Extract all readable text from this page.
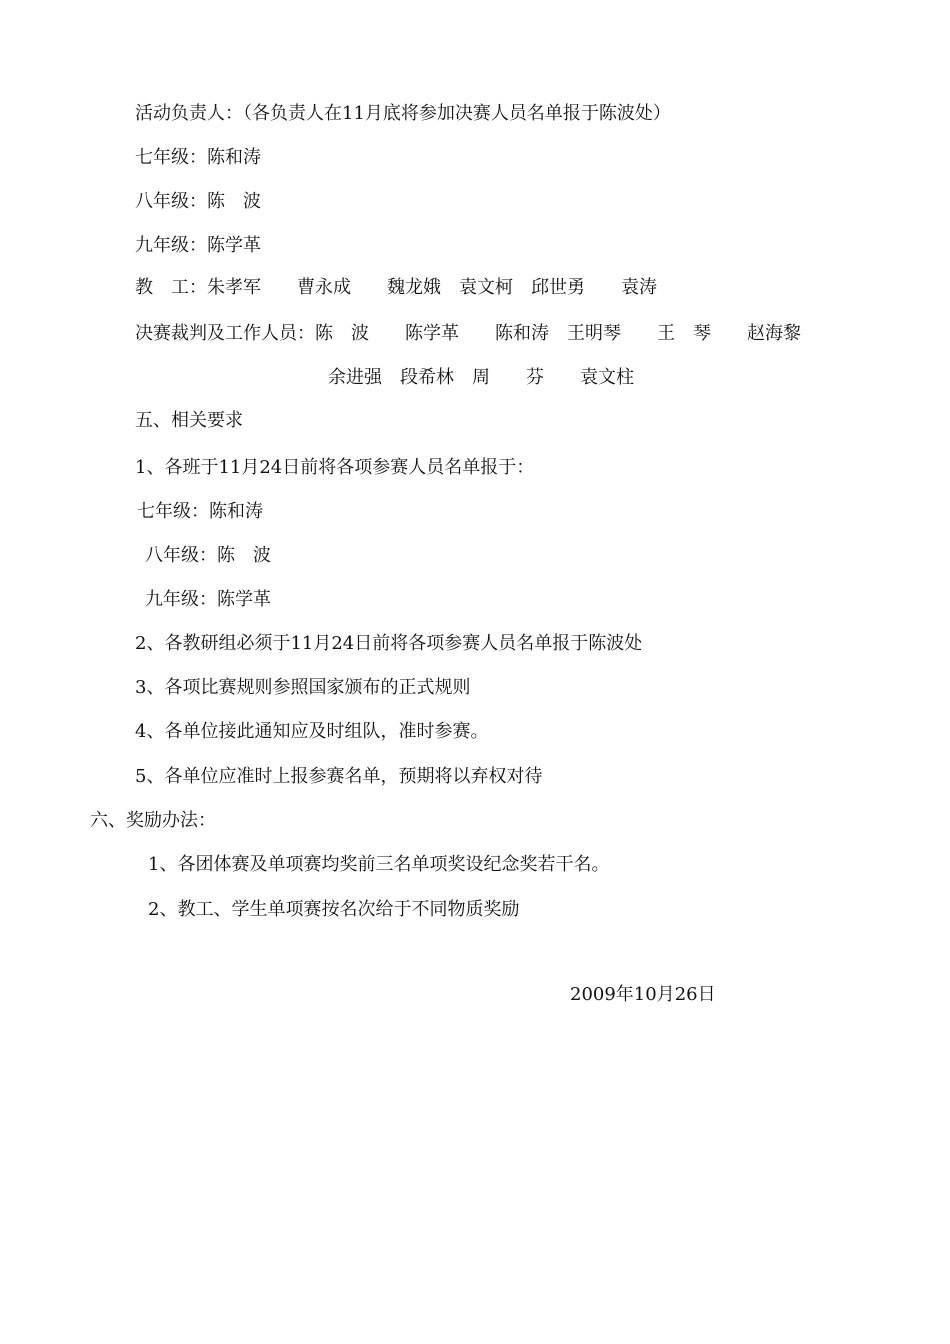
活动负责人：（各负责人在11月底将参加决赛人员名单报于陈波处）
七年级：陈和涛
八年级：陈　波
九年级：陈学革
教　工：朱孝军　　曹永成　　魏龙娥　袁文柯　邱世勇　　袁涛
决赛裁判及工作人员：陈　波　　陈学革　　陈和涛　王明琴　　王　琴　　赵海黎
余进强　段希林　周　　芬　　袁文柱
五、相关要求
1、各班于11月24日前将各项参赛人员名单报于：
七年级：陈和涛
八年级：陈　波
九年级：陈学革
2、各教研组必须于11月24日前将各项参赛人员名单报于陈波处
3、各项比赛规则参照国家颁布的正式规则
4、各单位接此通知应及时组队，准时参赛。
5、各单位应准时上报参赛名单，预期将以弃权对待
六、奖励办法：
1、各团体赛及单项赛均奖前三名单项奖设纪念奖若干名。
2、教工、学生单项赛按名次给于不同物质奖励
2009年10月26日
